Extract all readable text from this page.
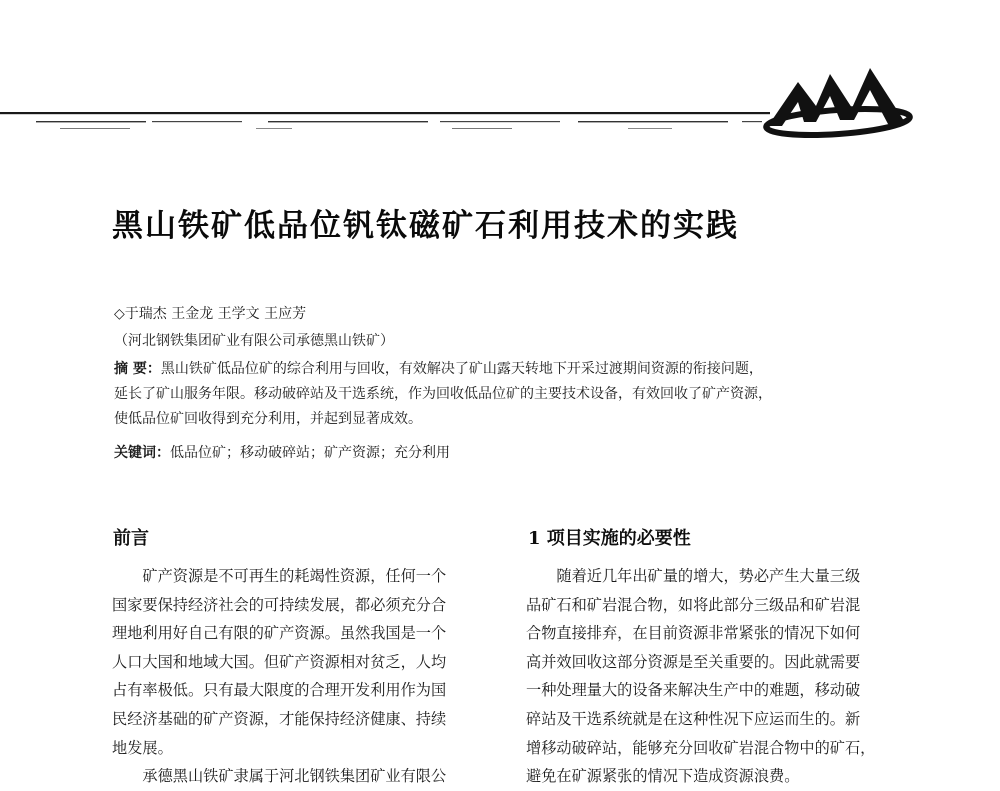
黑山铁矿低品位钒钛磁矿石利用技术的实践
◇于瑞杰 王金龙 王学文 王应芳
（河北钢铁集团矿业有限公司承德黑山铁矿）

摘 要：黑山铁矿低品位矿的综合利用与回收，有效解决了矿山露天转地下开采过渡期间资源的衔接问题，

延长了矿山服务年限。移动破碎站及干选系统，作为回收低品位矿的主要技术设备，有效回收了矿产资源，

使低品位矿回收得到充分利用，并起到显著成效。

关键词：低品位矿；移动破碎站；矿产资源；充分利用
前言	1 项目实施的必要性

　　矿产资源是不可再生的耗竭性资源，任何一个

国家要保持经济社会的可持续发展，都必须充分合

理地利用好自己有限的矿产资源。虽然我国是一个

人口大国和地域大国。但矿产资源相对贫乏，人均

占有率极低。只有最大限度的合理开发利用作为国

民经济基础的矿产资源，才能保持经济健康、持续

地发展。

　　承德黑山铁矿隶属于河北钢铁集团矿业有限公

　　随着近几年出矿量的增大，势必产生大量三级

品矿石和矿岩混合物，如将此部分三级品和矿岩混

合物直接排弃，在目前资源非常紧张的情况下如何

高并效回收这部分资源是至关重要的。因此就需要

一种处理量大的设备来解决生产中的难题，移动破

碎站及干选系统就是在这种性况下应运而生的。新

增移动破碎站，能够充分回收矿岩混合物中的矿石，

避免在矿源紧张的情况下造成资源浪费。
